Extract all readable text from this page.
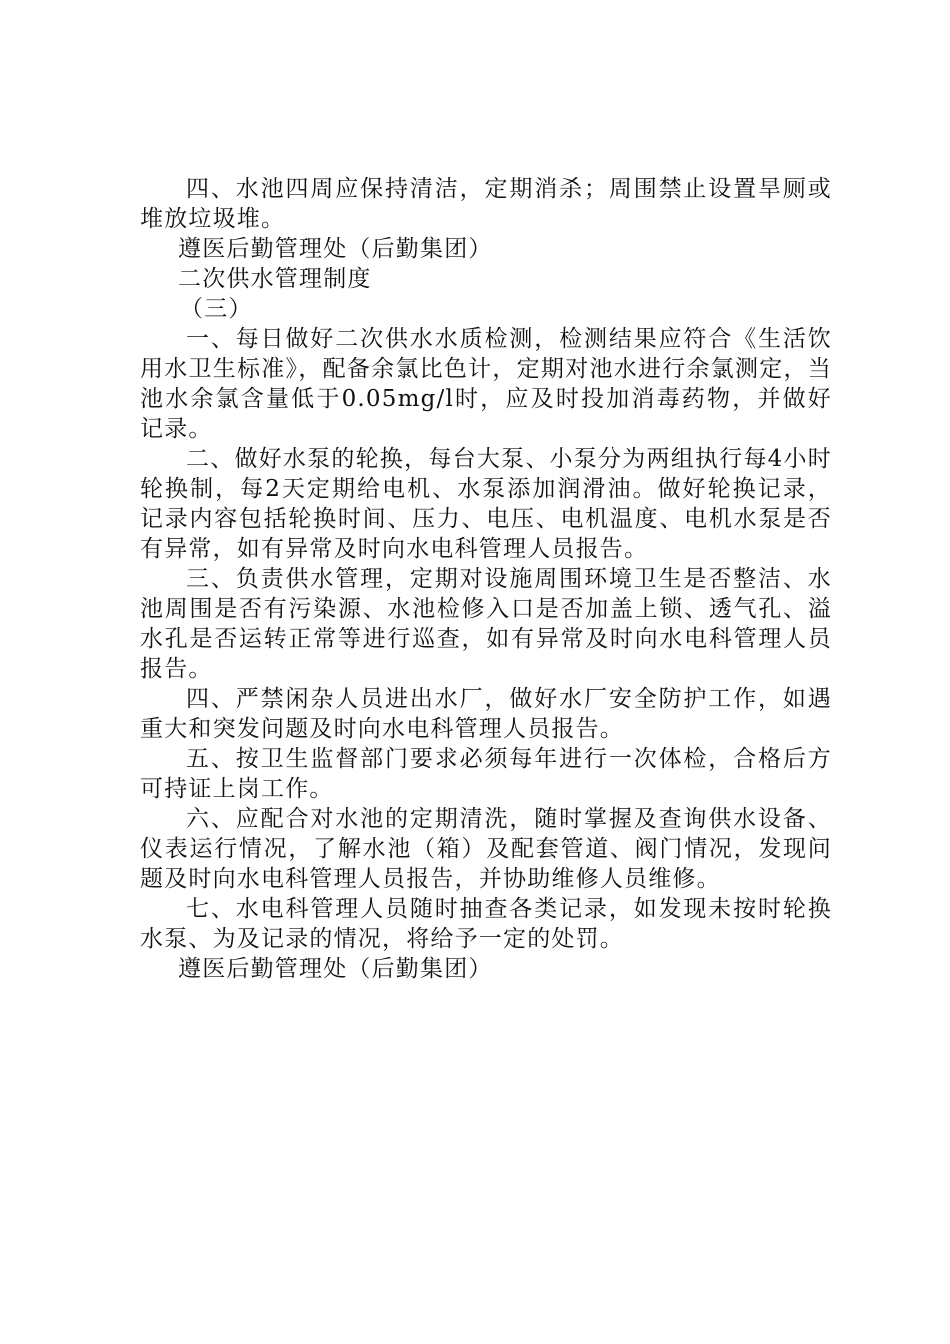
四、水池四周应保持清洁，定期消杀；周围禁止设置旱厕或堆放垃圾堆。

遵医后勤管理处（后勤集团）

二次供水管理制度

（三）

一、每日做好二次供水水质检测，检测结果应符合《生活饮用水卫生标准》，配备余氯比色计，定期对池水进行余氯测定，当池水余氯含量低于0.05mg/l时，应及时投加消毒药物，并做好记录。

二、做好水泵的轮换，每台大泵、小泵分为两组执行每4小时轮换制，每2天定期给电机、水泵添加润滑油。做好轮换记录，记录内容包括轮换时间、压力、电压、电机温度、电机水泵是否有异常，如有异常及时向水电科管理人员报告。

三、负责供水管理，定期对设施周围环境卫生是否整洁、水池周围是否有污染源、水池检修入口是否加盖上锁、透气孔、溢水孔是否运转正常等进行巡查，如有异常及时向水电科管理人员报告。

四、严禁闲杂人员进出水厂，做好水厂安全防护工作，如遇重大和突发问题及时向水电科管理人员报告。

五、按卫生监督部门要求必须每年进行一次体检，合格后方可持证上岗工作。

六、应配合对水池的定期清洗，随时掌握及查询供水设备、仪表运行情况，了解水池（箱）及配套管道、阀门情况，发现问题及时向水电科管理人员报告，并协助维修人员维修。

七、水电科管理人员随时抽查各类记录，如发现未按时轮换水泵、为及记录的情况，将给予一定的处罚。

遵医后勤管理处（后勤集团）
